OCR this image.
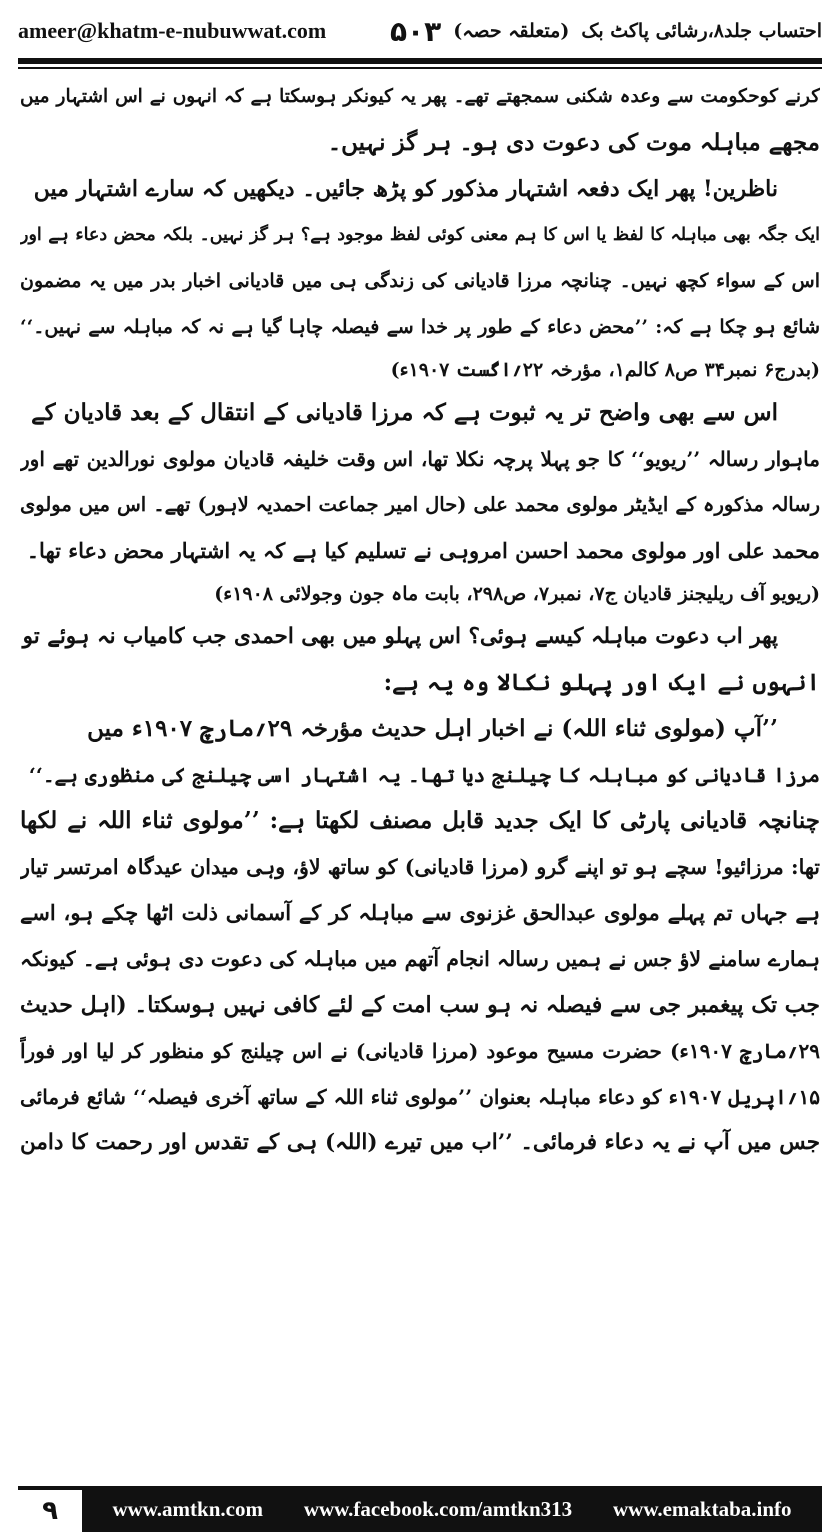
ameer@khatm-e-nubuwwat.com	احتساب جلد۸،رشائی پاکٹ بک
(متعلقہ حصہ)
۵۰۳
کرنے کوحکومت سے وعدہ شکنی سمجھتے تھے۔ پھر یہ کیونکر ہوسکتا ہے کہ انہوں نے اس اشتہار میں
مجھے مباہلہ موت کی دعوت دی ہو۔ ہر گز نہیں۔
ناظرین! پھر ایک دفعہ اشتہار مذکور کو پڑھ جائیں۔ دیکھیں کہ سارے اشتہار میں
ایک جگہ بھی مباہلہ کا لفظ یا اس کا ہم معنی کوئی لفظ موجود ہے؟ ہر گز نہیں۔ بلکہ محض دعاء ہے اور
اس کے سواء کچھ نہیں۔ چنانچہ مرزا قادیانی کی زندگی ہی میں قادیانی اخبار بدر میں یہ مضمون
شائع ہو چکا ہے کہ: ’’محض دعاء کے طور پر خدا سے فیصلہ چاہا گیا ہے نہ کہ مباہلہ سے نہیں۔‘‘
(بدرج۶ نمبر۳۴ ص۸ کالم۱، مؤرخہ ۲۲؍اگست ۱۹۰۷ء)
اس سے بھی واضح تر یہ ثبوت ہے کہ مرزا قادیانی کے انتقال کے بعد قادیان کے
ماہوار رسالہ ’’ریویو‘‘ کا جو پہلا پرچہ نکلا تھا، اس وقت خلیفہ قادیان مولوی نورالدین تھے اور
رسالہ مذکورہ کے ایڈیٹر مولوی محمد علی (حال امیر جماعت احمدیہ لاہور) تھے۔ اس میں مولوی
محمد علی اور مولوی محمد احسن امروہی نے تسلیم کیا ہے کہ یہ اشتہار محض دعاء تھا۔
(ریویو آف ریلیجنز قادیان ج۷، نمبر۷، ص۲۹۸، بابت ماہ جون وجولائی ۱۹۰۸ء)
پھر اب دعوت مباہلہ کیسے ہوئی؟ اس پہلو میں بھی احمدی جب کامیاب نہ ہوئے تو
انہوں نے ایک اور پہلو نکالا وہ یہ ہے:
’’آپ (مولوی ثناء اللہ) نے اخبار اہل حدیث مؤرخہ ۲۹؍مارچ ۱۹۰۷ء میں
مرزا قادیانی کو مباہلہ کا چیلنج دیا تھا۔ یہ اشتہار اسی چیلنج کی منظوری ہے۔‘‘
چنانچہ قادیانی پارٹی کا ایک جدید قابل مصنف لکھتا ہے: ’’مولوی ثناء اللہ نے لکھا
تھا: مرزائیو! سچے ہو تو اپنے گرو (مرزا قادیانی) کو ساتھ لاؤ، وہی میدان عیدگاہ امرتسر تیار
ہے جہاں تم پہلے مولوی عبدالحق غزنوی سے مباہلہ کر کے آسمانی ذلت اٹھا چکے ہو، اسے
ہمارے سامنے لاؤ جس نے ہمیں رسالہ انجام آتھم میں مباہلہ کی دعوت دی ہوئی ہے۔ کیونکہ
جب تک پیغمبر جی سے فیصلہ نہ ہو سب امت کے لئے کافی نہیں ہوسکتا۔ (اہل حدیث
۲۹؍مارچ ۱۹۰۷ء) حضرت مسیح موعود (مرزا قادیانی) نے اس چیلنج کو منظور کر لیا اور فوراً
۱۵؍اپریل ۱۹۰۷ء کو دعاء مباہلہ بعنوان ’’مولوی ثناء اللہ کے ساتھ آخری فیصلہ‘‘ شائع فرمائی
جس میں آپ نے یہ دعاء فرمائی۔ ’’اب میں تیرے (اللہ) ہی کے تقدس اور رحمت کا دامن
۹	www.amtkn.com www.facebook.com/amtkn313 www.emaktaba.info
